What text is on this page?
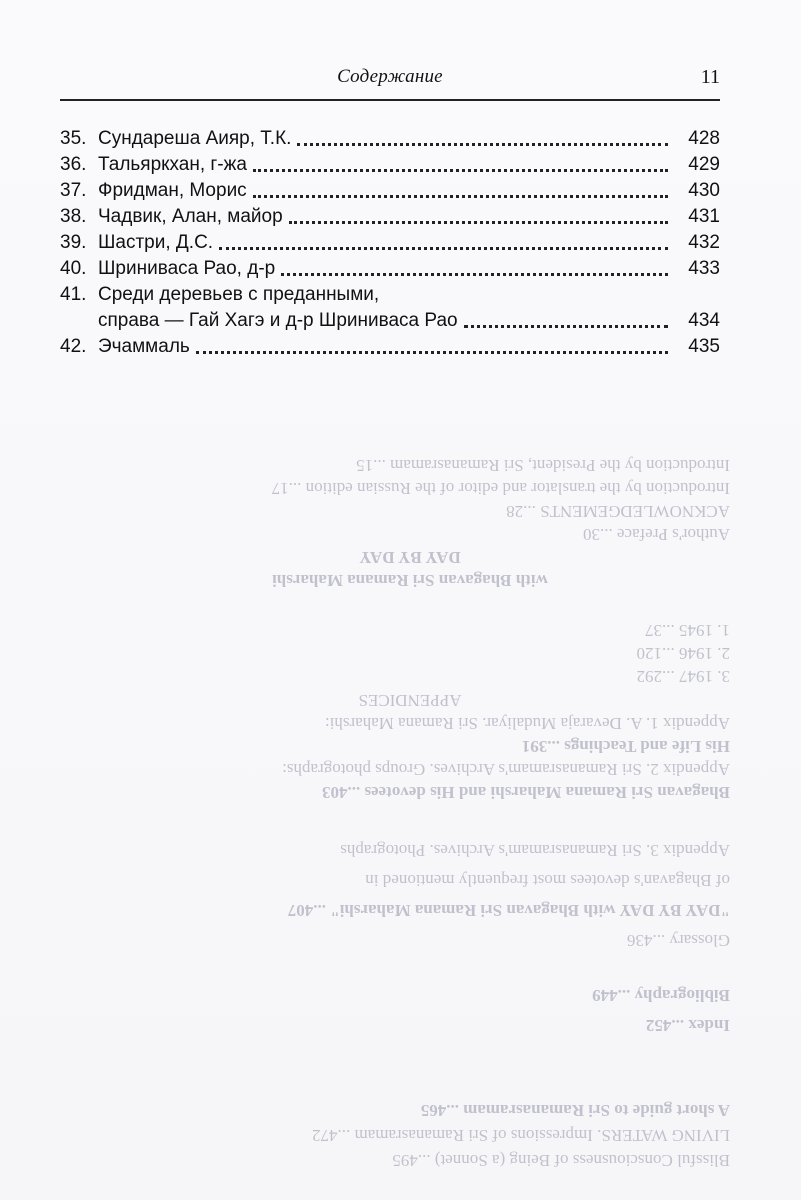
Introduction by the President, Sri Ramanasramam ...15
Introduction by the translator and editor of the Russian edition ...17
ACKNOWLEDGEMENTS ...28
Author's Preface ...30
DAY BY DAY
with Bhagavan Sri Ramana Maharshi
1. 1945 ...37
2. 1946 ...120
3. 1947 ...292
APPENDICES
Appendix 1. A. Devaraja Mudaliyar. Sri Ramana Maharshi:
His Life and Teachings ...391
Appendix 2. Sri Ramanasramam's Archives. Groups photographs:
Bhagavan Sri Ramana Maharshi and His devotees ...403
Appendix 3. Sri Ramanasramam's Archives. Photographs
of Bhagavan's devotees most frequently mentioned in
"DAY BY DAY with Bhagavan Sri Ramana Maharshi" ...407
Glossary ...436
Bibliography ...449
Index ...452
A short guide to Sri Ramanasramam ...465
LIVING WATERS. Impressions of Sri Ramanasramam ...472
Blissful Consciousness of Being (a Sonnet) ...495
Содержание	11
35. Сундареша Аияр, Т.К.	428
36. Тальяркхан, г-жа	429
37. Фридман, Морис	430
38. Чадвик, Алан, майор	431
39. Шастри, Д.С.	432
40. Шринивасa Рао, д-р	433
41. Среди деревьев с преданными,
справа — Гай Хагэ и д-р Шринивасa Рао	434
42. Эчаммаль	435
